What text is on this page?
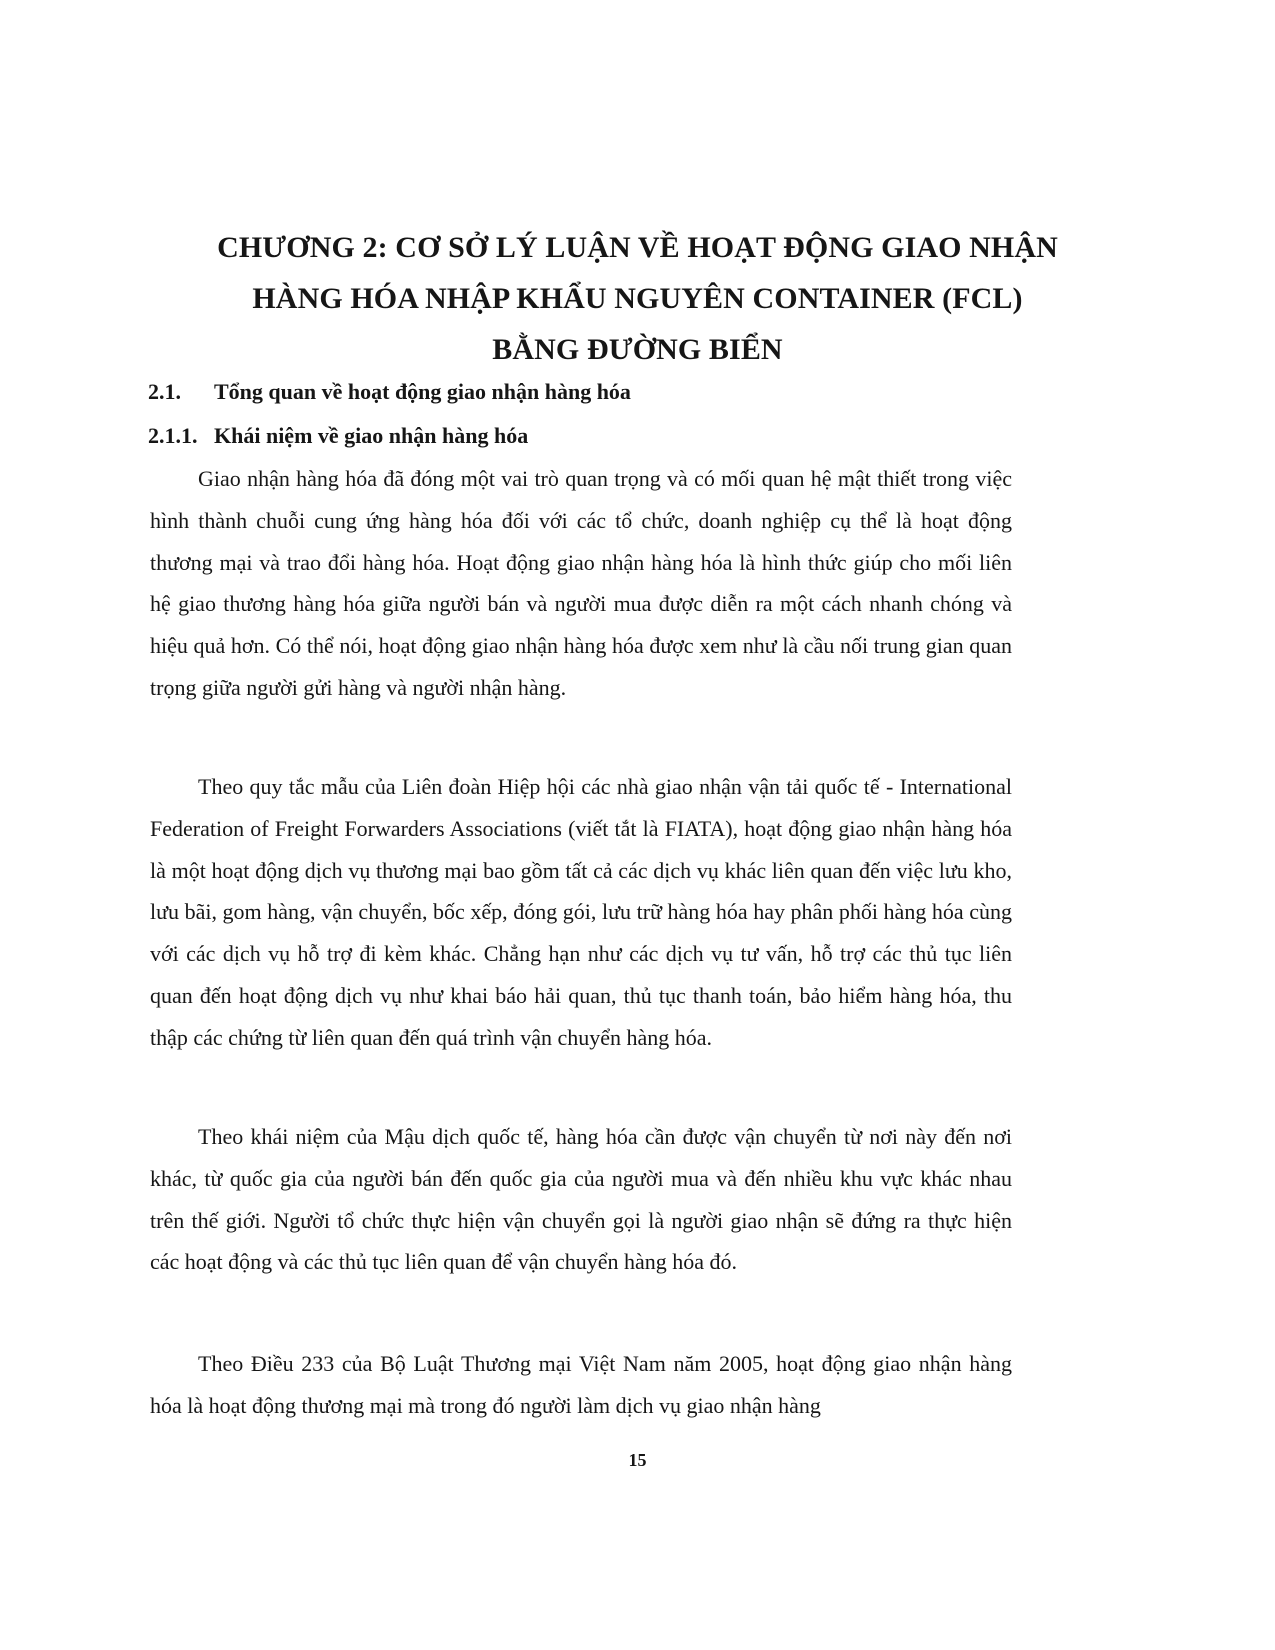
CHƯƠNG 2: CƠ SỞ LÝ LUẬN VỀ HOẠT ĐỘNG GIAO NHẬN
HÀNG HÓA NHẬP KHẨU NGUYÊN CONTAINER (FCL)
BẰNG ĐƯỜNG BIỂN
2.1. Tổng quan về hoạt động giao nhận hàng hóa
2.1.1. Khái niệm về giao nhận hàng hóa

Giao nhận hàng hóa đã đóng một vai trò quan trọng và có mối quan hệ mật thiết trong việc hình thành chuỗi cung ứng hàng hóa đối với các tổ chức, doanh nghiệp cụ thể là hoạt động thương mại và trao đổi hàng hóa. Hoạt động giao nhận hàng hóa là hình thức giúp cho mối liên hệ giao thương hàng hóa giữa người bán và người mua được diễn ra một cách nhanh chóng và hiệu quả hơn. Có thể nói, hoạt động giao nhận hàng hóa được xem như là cầu nối trung gian quan trọng giữa người gửi hàng và người nhận hàng.

Theo quy tắc mẫu của Liên đoàn Hiệp hội các nhà giao nhận vận tải quốc tế - International Federation of Freight Forwarders Associations (viết tắt là FIATA), hoạt động giao nhận hàng hóa là một hoạt động dịch vụ thương mại bao gồm tất cả các dịch vụ khác liên quan đến việc lưu kho, lưu bãi, gom hàng, vận chuyển, bốc xếp, đóng gói, lưu trữ hàng hóa hay phân phối hàng hóa cùng với các dịch vụ hỗ trợ đi kèm khác. Chẳng hạn như các dịch vụ tư vấn, hỗ trợ các thủ tục liên quan đến hoạt động dịch vụ như khai báo hải quan, thủ tục thanh toán, bảo hiểm hàng hóa, thu thập các chứng từ liên quan đến quá trình vận chuyển hàng hóa.

Theo khái niệm của Mậu dịch quốc tế, hàng hóa cần được vận chuyển từ nơi này đến nơi khác, từ quốc gia của người bán đến quốc gia của người mua và đến nhiều khu vực khác nhau trên thế giới. Người tổ chức thực hiện vận chuyển gọi là người giao nhận sẽ đứng ra thực hiện các hoạt động và các thủ tục liên quan để vận chuyển hàng hóa đó.

Theo Điều 233 của Bộ Luật Thương mại Việt Nam năm 2005, hoạt động giao nhận hàng hóa là hoạt động thương mại mà trong đó người làm dịch vụ giao nhận hàng

15
